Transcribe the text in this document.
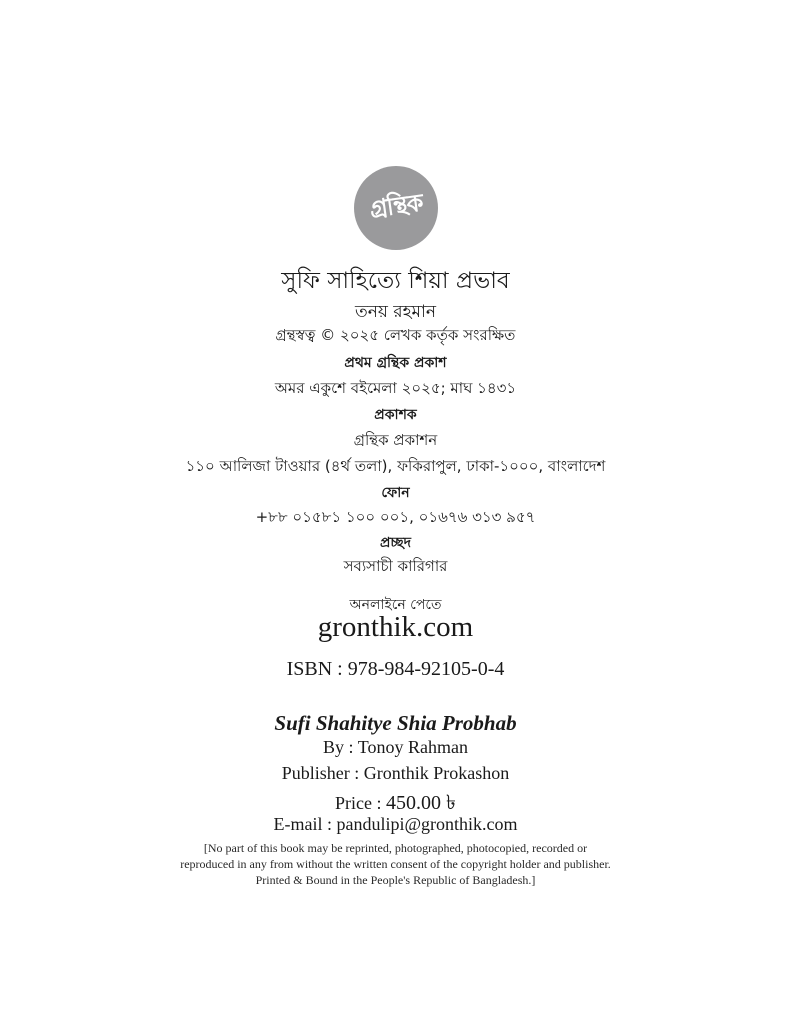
গ্রন্থিক
সুফি সাহিত্যে শিয়া প্রভাব
তনয় রহমান
গ্রন্থস্বত্ব © ২০২৫ লেখক কর্তৃক সংরক্ষিত
প্রথম গ্রন্থিক প্রকাশ
অমর একুশে বইমেলা ২০২৫; মাঘ ১৪৩১
প্রকাশক
গ্রন্থিক প্রকাশন
১১০ আলিজা টাওয়ার (৪র্থ তলা), ফকিরাপুল, ঢাকা-১০০০, বাংলাদেশ
ফোন
+৮৮ ০১৫৮১ ১০০ ০০১, ০১৬৭৬ ৩১৩ ৯৫৭
প্রচ্ছদ
সব্যসাচী কারিগার
অনলাইনে পেতে
gronthik.com
ISBN : 978-984-92105-0-4
Sufi Shahitye Shia Probhab
By : Tonoy Rahman
Publisher : Gronthik Prokashon
Price : 450.00 ৳
E-mail : pandulipi@gronthik.com
[No part of this book may be reprinted, photographed, photocopied, recorded or
reproduced in any from without the written consent of the copyright holder and publisher.
Printed & Bound in the People's Republic of Bangladesh.]
